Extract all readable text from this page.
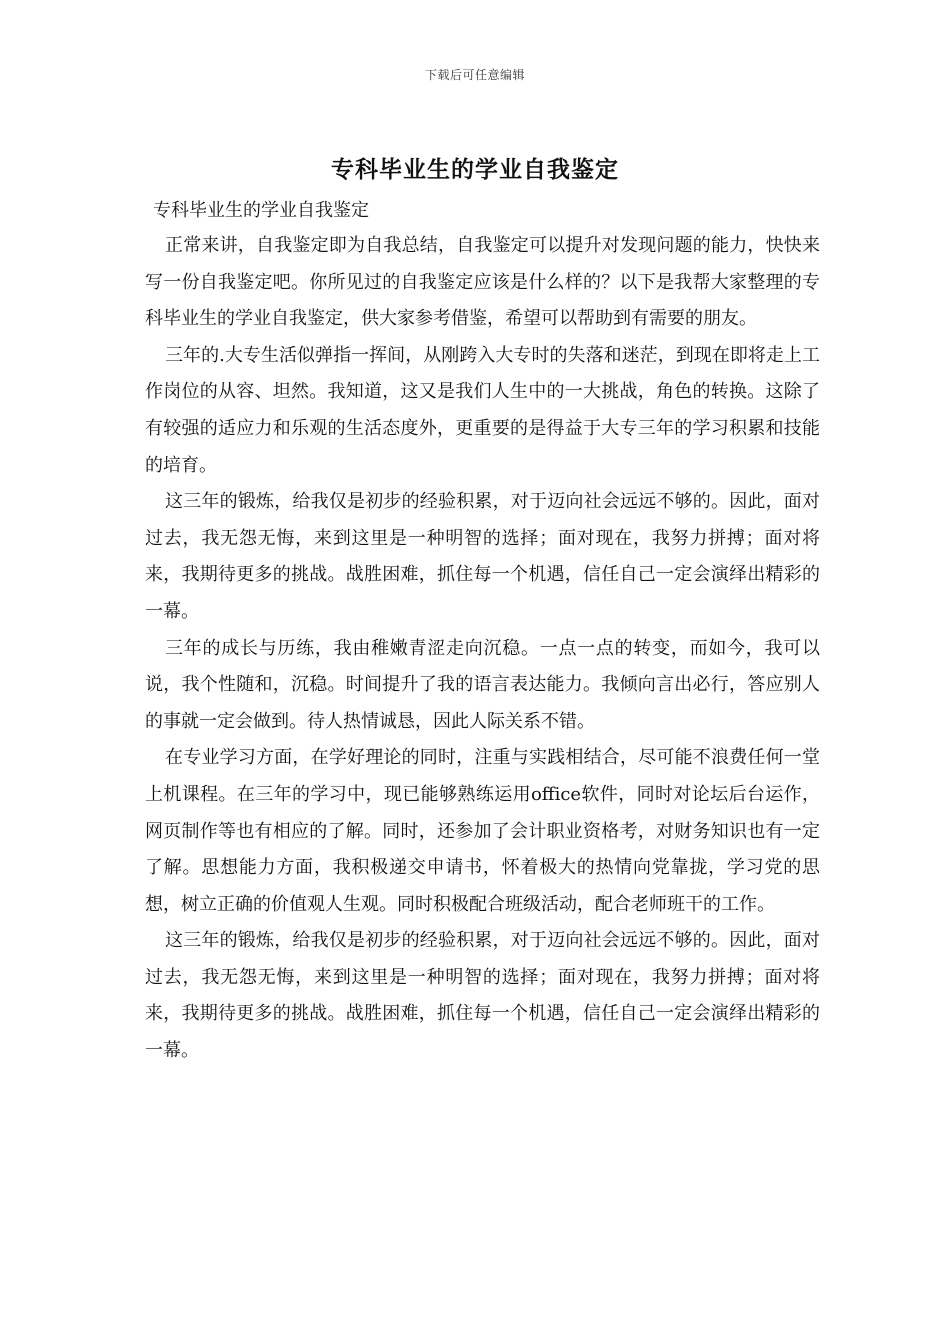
下载后可任意编辑
专科毕业生的学业自我鉴定

专科毕业生的学业自我鉴定

正常来讲，自我鉴定即为自我总结，自我鉴定可以提升对发现问题的能力，快快来写一份自我鉴定吧。你所见过的自我鉴定应该是什么样的？以下是我帮大家整理的专科毕业生的学业自我鉴定，供大家参考借鉴，希望可以帮助到有需要的朋友。

三年的.大专生活似弹指一挥间，从刚跨入大专时的失落和迷茫，到现在即将走上工作岗位的从容、坦然。我知道，这又是我们人生中的一大挑战，角色的转换。这除了有较强的适应力和乐观的生活态度外，更重要的是得益于大专三年的学习积累和技能的培育。

这三年的锻炼，给我仅是初步的经验积累，对于迈向社会远远不够的。因此，面对过去，我无怨无悔，来到这里是一种明智的选择；面对现在，我努力拼搏；面对将来，我期待更多的挑战。战胜困难，抓住每一个机遇，信任自己一定会演绎出精彩的一幕。

三年的成长与历练，我由稚嫩青涩走向沉稳。一点一点的转变，而如今，我可以说，我个性随和，沉稳。时间提升了我的语言表达能力。我倾向言出必行，答应别人的事就一定会做到。待人热情诚恳，因此人际关系不错。

在专业学习方面，在学好理论的同时，注重与实践相结合，尽可能不浪费任何一堂上机课程。在三年的学习中，现已能够熟练运用office软件，同时对论坛后台运作，网页制作等也有相应的了解。同时，还参加了会计职业资格考，对财务知识也有一定了解。思想能力方面，我积极递交申请书，怀着极大的热情向党靠拢，学习党的思想，树立正确的价值观人生观。同时积极配合班级活动，配合老师班干的工作。

这三年的锻炼，给我仅是初步的经验积累，对于迈向社会远远不够的。因此，面对过去，我无怨无悔，来到这里是一种明智的选择；面对现在，我努力拼搏；面对将来，我期待更多的挑战。战胜困难，抓住每一个机遇，信任自己一定会演绎出精彩的一幕。
